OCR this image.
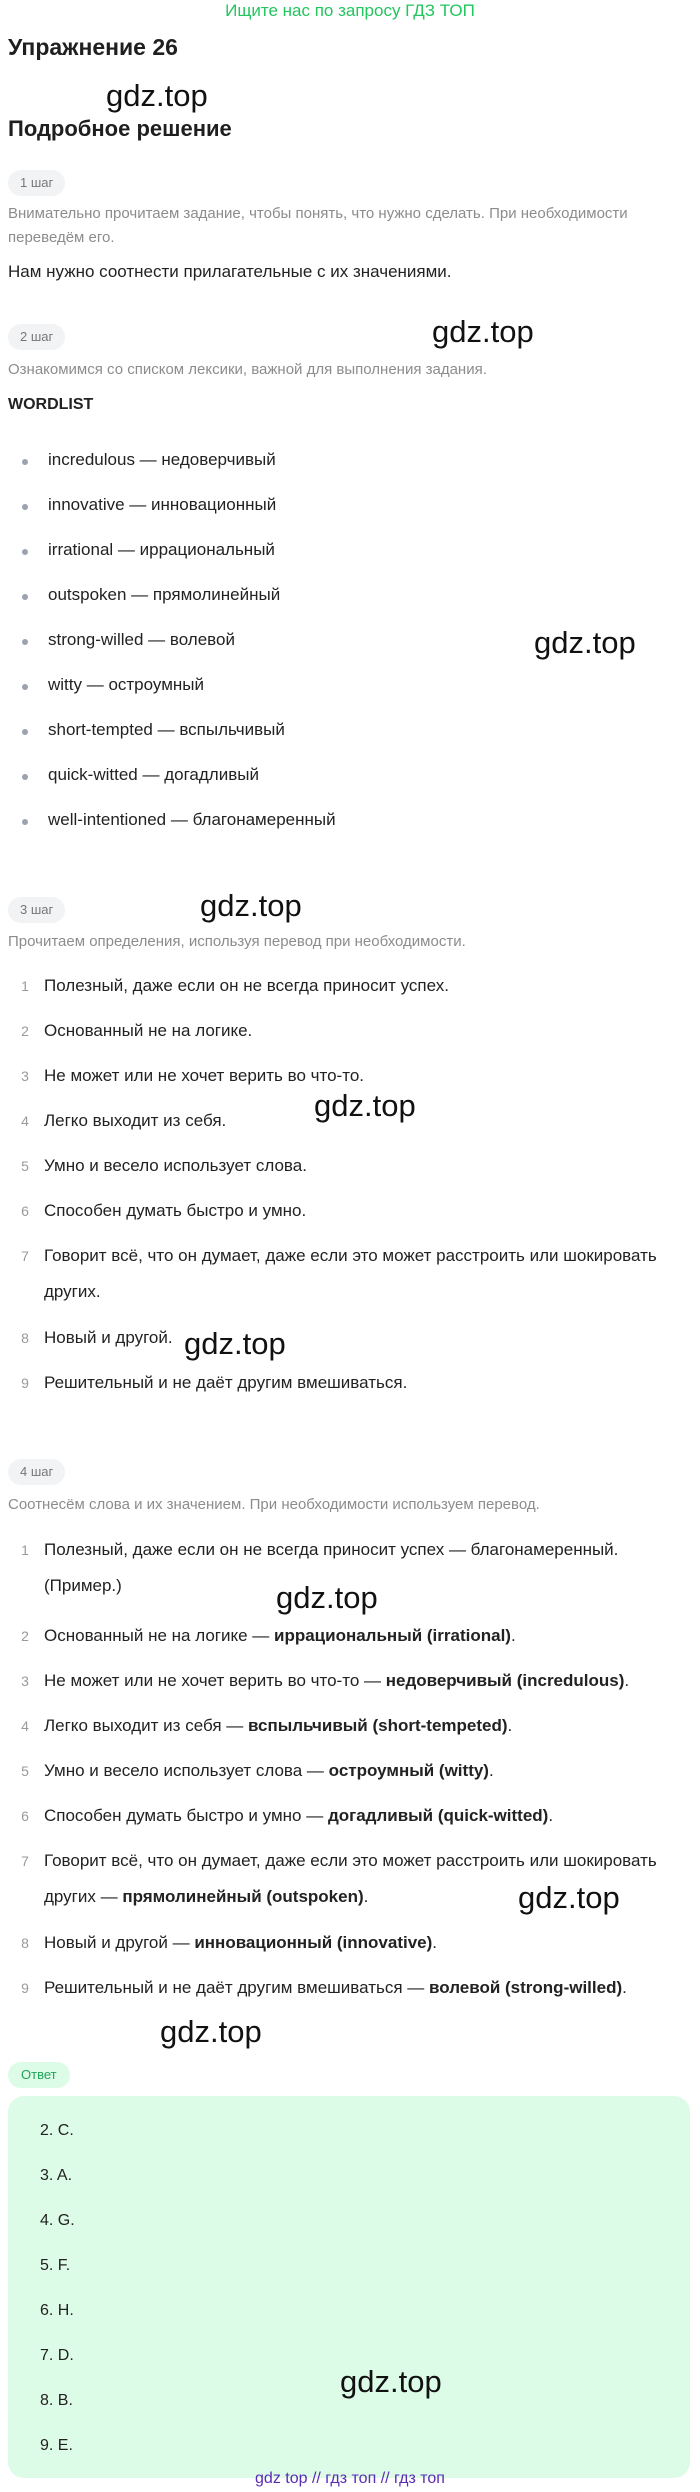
Ищите нас по запросу ГДЗ ТОП
Упражнение 26
gdz.top
Подробное решение
1 шаг
Внимательно прочитаем задание, чтобы понять, что нужно сделать. При необходимости переведём его.
Нам нужно соотнести прилагательные с их значениями.
2 шаг	gdz.top
Ознакомимся со списком лексики, важной для выполнения задания.
WORDLIST
incredulous — недоверчивый
innovative — инновационный
irrational — иррациональный
outspoken — прямолинейный
strong-willed — волевой	gdz.top
witty — остроумный
short-tempted — вспыльчивый
quick-witted — догадливый
well-intentioned — благонамеренный
3 шаг	gdz.top
Прочитаем определения, используя перевод при необходимости.
1 Полезный, даже если он не всегда приносит успех.
2 Основанный не на логике.
3 Не может или не хочет верить во что-то.
gdz.top
4 Легко выходит из себя.
5 Умно и весело использует слова.
6 Способен думать быстро и умно.
7 Говорит всё, что он думает, даже если это может расстроить или шокировать других.
8 Новый и другой. gdz.top
9 Решительный и не даёт другим вмешиваться.
4 шаг
Соотнесём слова и их значением. При необходимости используем перевод.
1 Полезный, даже если он не всегда приносит успех — благонамеренный. (Пример.)	gdz.top
2 Основанный не на логике — иррациональный (irrational).
3 Не может или не хочет верить во что-то — недоверчивый (incredulous).
4 Легко выходит из себя — вспыльчивый (short-tempeted).
5 Умно и весело использует слова — остроумный (witty).
6 Способен думать быстро и умно — догадливый (quick-witted).
7 Говорит всё, что он думает, даже если это может расстроить или шокировать других — прямолинейный (outspoken).	gdz.top
8 Новый и другой — инновационный (innovative).
9 Решительный и не даёт другим вмешиваться — волевой (strong-willed).
gdz.top
Ответ
2. C.
3. A.
4. G.
5. F.
6. H.
7. D.
8. B.
9. E.
gdz.top
gdz top // гдз топ // гдз топ
